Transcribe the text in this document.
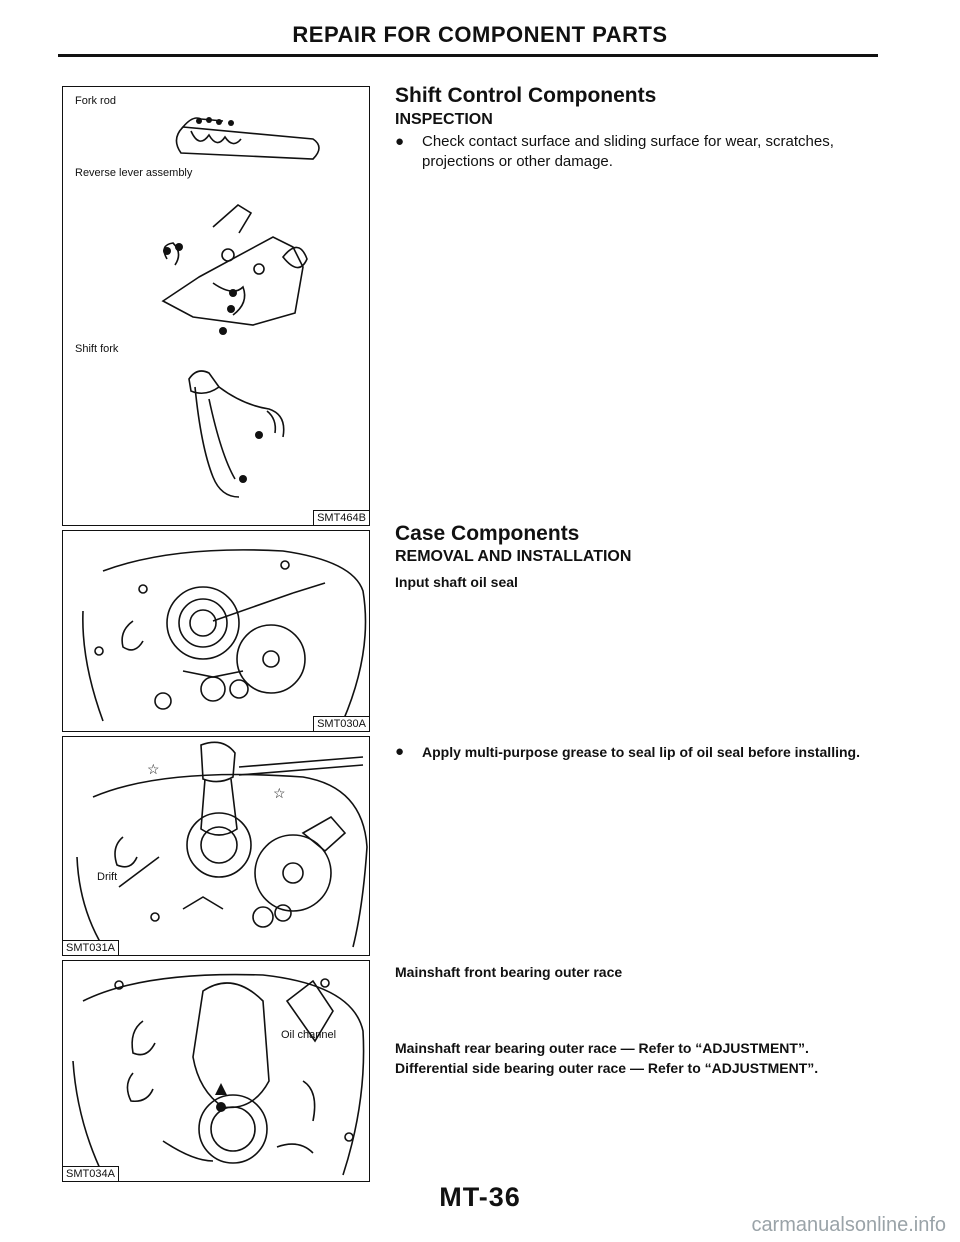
REPAIR FOR COMPONENT PARTS
Fork rod
Reverse lever assembly
Shift fork
SMT464B
SMT030A
☆
☆
Drift
SMT031A
Oil channel
SMT034A
Shift Control Components
INSPECTION
●	Check contact surface and sliding surface for wear, scratches, projections or other damage.
Case Components
REMOVAL AND INSTALLATION
Input shaft oil seal
●	Apply multi-purpose grease to seal lip of oil seal before installing.
Mainshaft front bearing outer race
Mainshaft rear bearing outer race — Refer to “ADJUSTMENT”.
Differential side bearing outer race — Refer to “ADJUSTMENT”.
MT-36
carmanualsonline.info
